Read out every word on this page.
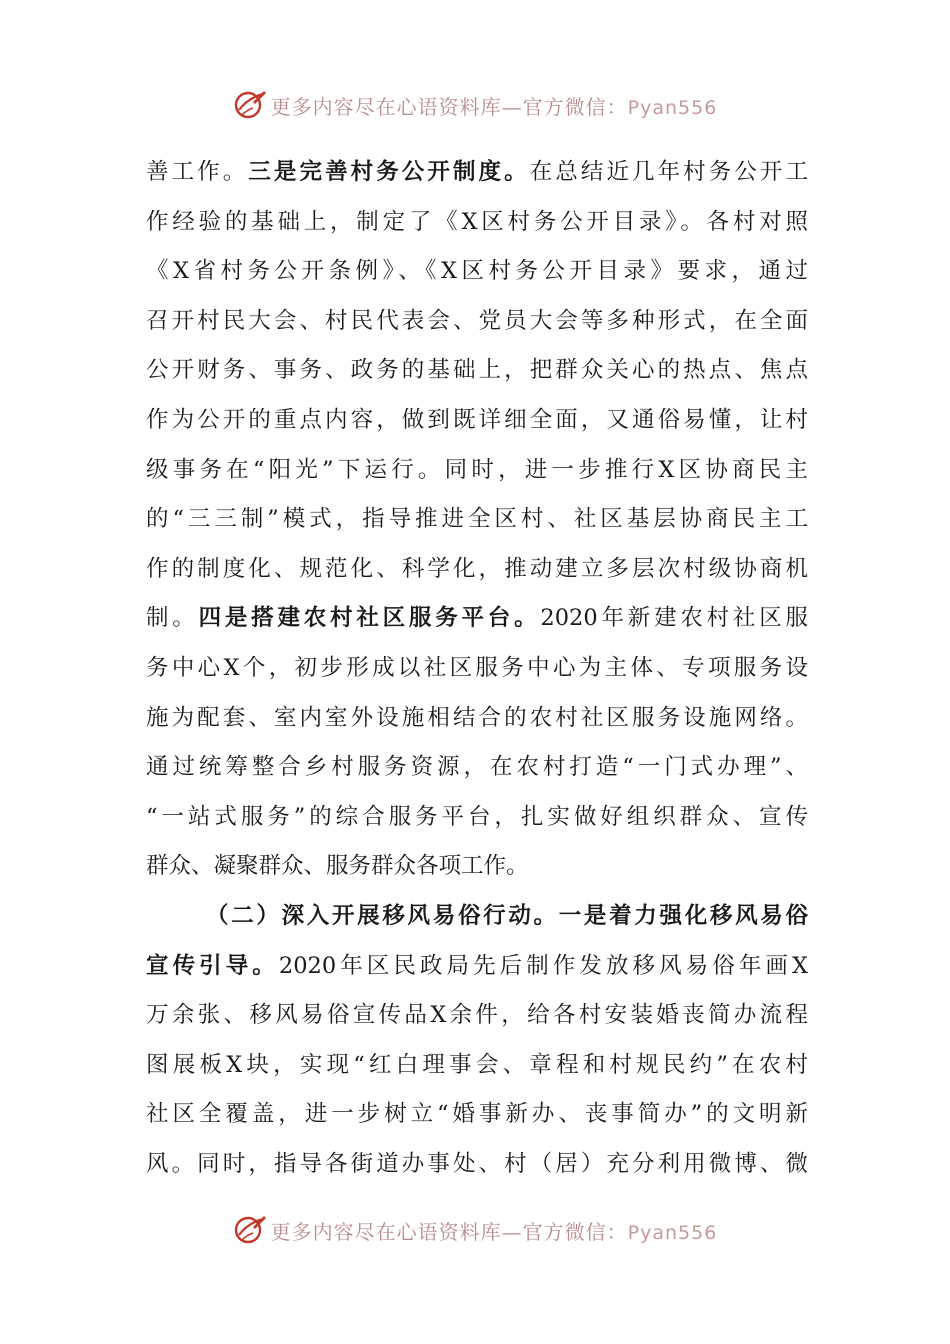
更多内容尽在心语资料库—官方微信：Pyan556
善工作。三是完善村务公开制度。在总结近几年村务公开工
作经验的基础上，制定了《X区村务公开目录》。各村对照
《X省村务公开条例》、《X区村务公开目录》要求，通过
召开村民大会、村民代表会、党员大会等多种形式，在全面
公开财务、事务、政务的基础上，把群众关心的热点、焦点
作为公开的重点内容，做到既详细全面，又通俗易懂，让村
级事务在“阳光”下运行。同时，进一步推行X区协商民主
的“三三制”模式，指导推进全区村、社区基层协商民主工
作的制度化、规范化、科学化，推动建立多层次村级协商机
制。四是搭建农村社区服务平台。2020年新建农村社区服
务中心X个，初步形成以社区服务中心为主体、专项服务设
施为配套、室内室外设施相结合的农村社区服务设施网络。
通过统筹整合乡村服务资源，在农村打造“一门式办理”、
“一站式服务”的综合服务平台，扎实做好组织群众、宣传
群众、凝聚群众、服务群众各项工作。
（二）深入开展移风易俗行动。一是着力强化移风易俗
宣传引导。2020年区民政局先后制作发放移风易俗年画X
万余张、移风易俗宣传品X余件，给各村安装婚丧简办流程
图展板X块，实现“红白理事会、章程和村规民约”在农村
社区全覆盖，进一步树立“婚事新办、丧事简办”的文明新
风。同时，指导各街道办事处、村（居）充分利用微博、微
更多内容尽在心语资料库—官方微信：Pyan556
